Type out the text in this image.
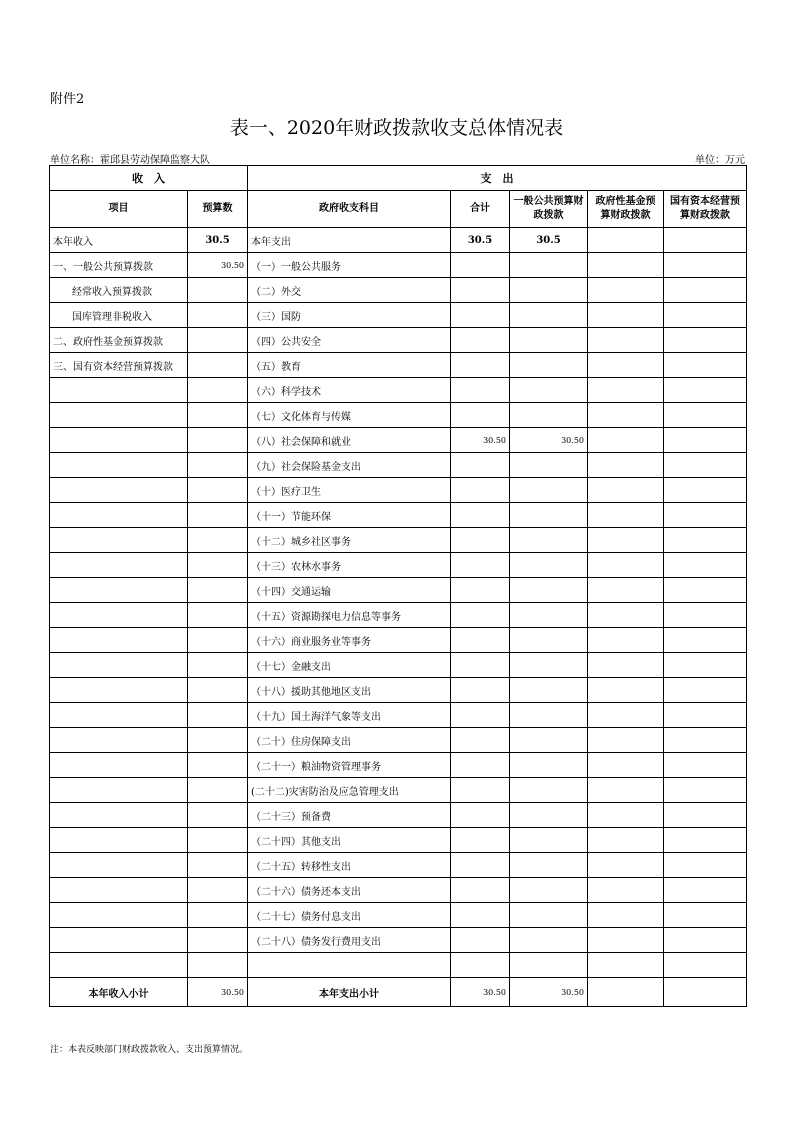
附件2
表一、2020年财政拨款收支总体情况表
单位名称：霍邱县劳动保障监察大队	单位：万元
收　入		支　出				
项目	预算数	政府收支科目	合计	一般公共预算财政拨款	政府性基金预算财政拨款	国有资本经营预算财政拨款
本年收入	30.5	本年支出	30.5	30.5		
一、一般公共预算拨款	30.50	（一）一般公共服务				
经常收入预算拨款		（二）外交				
国库管理非税收入		（三）国防				
二、政府性基金预算拨款		（四）公共安全				
三、国有资本经营预算拨款		（五）教育				
		（六）科学技术				
		（七）文化体育与传媒				
		（八）社会保障和就业	30.50	30.50		
		（九）社会保险基金支出				
		（十）医疗卫生				
		（十一）节能环保				
		（十二）城乡社区事务				
		（十三）农林水事务				
		（十四）交通运输				
		（十五）资源勘探电力信息等事务				
		（十六）商业服务业等事务				
		（十七）金融支出				
		（十八）援助其他地区支出				
		（十九）国土海洋气象等支出				
		（二十）住房保障支出				
		（二十一）粮油物资管理事务				
		(二十二)灾害防治及应急管理支出				
		（二十三）预备费				
		（二十四）其他支出				
		（二十五）转移性支出				
		（二十六）债务还本支出				
		（二十七）债务付息支出				
		（二十八）债务发行费用支出				

本年收入小计	30.50	本年支出小计	30.50	30.50		
注：本表反映部门财政拨款收入、支出预算情况。
